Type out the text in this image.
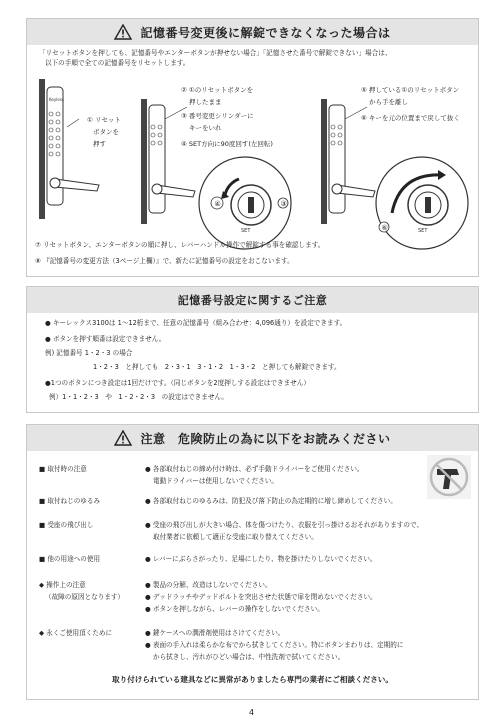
記憶番号変更後に解錠できなくなった場合は
「リセットボタンを押しても、記憶番号やエンターボタンが押せない場合」「記憶させた番号で解錠できない」場合は、
以下の手順で全ての記憶番号をリセットします。
Keyless
① リセット
ボタンを
押す
② ①のリセットボタンを
押したまま
③ 番号変更シリンダーに
キーをいれ
④ SET方向に90度回す(左回転)
④	③
SET
⑤ 押している①のリセットボタン
から手を離し
⑥ キーを元の位置まで戻して抜く
⑥	SET
⑦ リセットボタン、エンターボタンの順に押し、レバーハンドル操作で解錠する事を確認します。
⑧ 『記憶番号の変更方法（3ページ上欄）』で、新たに記憶番号の設定をおこないます。
記憶番号設定に関するご注意
● キーレックス3100は 1〜12桁まで、任意の記憶番号（組み合わせ：4,096通り）を設定できます。
● ボタンを押す順番は設定できません。
例) 記憶番号 1・2・3 の場合
1・2・3　と押しても　2・3・1　3・1・2　1・3・2　と押しても解錠できます。
●1つのボタンにつき設定は1回だけです。（同じボタンを2度押しする設定はできません）
例）1・1・2・3　や　1・2・2・3　の設定はできません。
注意　危険防止の為に以下をお読みください
■ 取付時の注意	● 各部取付ねじの締め付け時は、必ず手動ドライバーをご使用ください。
電動ドライバーは使用しないでください。
■ 取付ねじのゆるみ	● 各部取付ねじのゆるみは、防犯及び落下防止の為定期的に増し締めしてください。
■ 受座の飛び出し	● 受座の飛び出しが大きい場合、体を傷つけたり、衣服を引っ掛けるおそれがありますので、
取付業者に依頼して適正な受座に取り替えてください。
■ 他の用途への使用	● レバーにぶらさがったり、足場にしたり、物を掛けたりしないでください。
◆ 操作上の注意
（故障の原因となります）
● 製品の分解、改造はしないでください。
● デッドラッチやデッドボルトを突出させた状態で扉を閉めないでください。
● ボタンを押しながら、レバーの操作をしないでください。
◆ 永くご使用頂くために	● 鍵ケースへの潤滑剤使用はさけてください。
● 表面の手入れは柔らかな布でから拭きしてください。特にボタンまわりは、定期的に
から拭きし、汚れがひどい場合は、中性洗剤で拭いてください。
取り付けられている建具などに異常がありましたら専門の業者にご相談ください。
4
